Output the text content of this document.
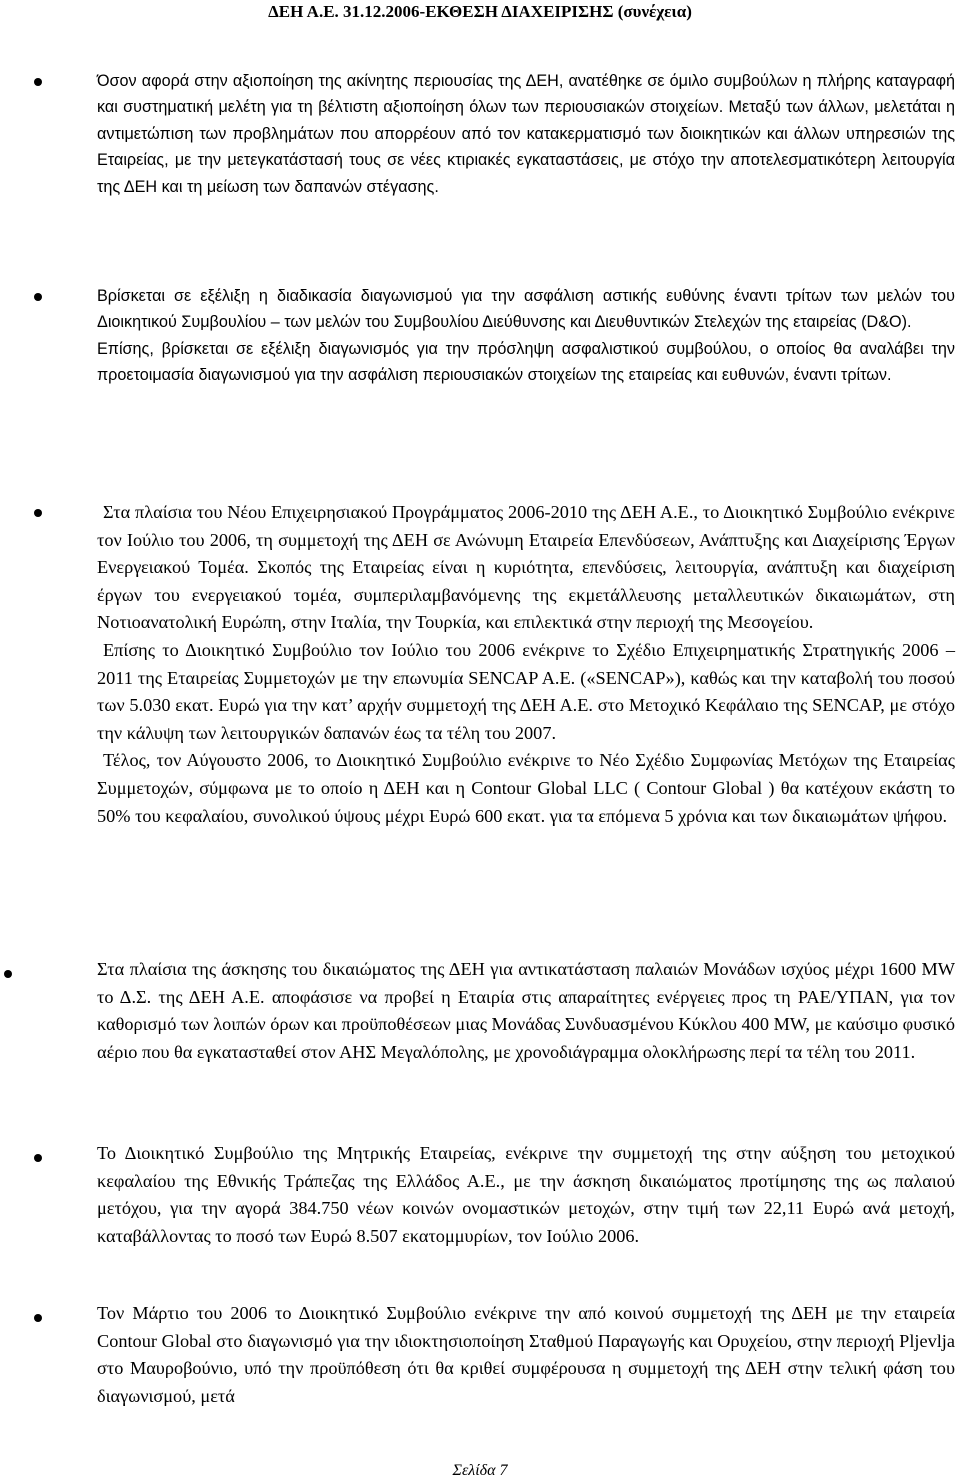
ΔΕΗ Α.Ε. 31.12.2006-ΕΚΘΕΣΗ ΔΙΑΧΕΙΡΙΣΗΣ (συνέχεια)

Όσον αφορά στην αξιοποίηση της ακίνητης περιουσίας της ΔΕΗ, ανατέθηκε σε όμιλο συμβούλων η πλήρης καταγραφή και συστηματική μελέτη για τη βέλτιστη αξιοποίηση όλων των περιουσιακών στοιχείων. Μεταξύ των άλλων, μελετάται η αντιμετώπιση των προβλημάτων που απορρέουν από τον κατακερματισμό των διοικητικών και άλλων υπηρεσιών της Εταιρείας, με την μετεγκατάστασή τους σε νέες κτιριακές εγκαταστάσεις, με στόχο την αποτελεσματικότερη λειτουργία της ΔΕΗ και τη μείωση των δαπανών στέγασης.

Βρίσκεται σε εξέλιξη η διαδικασία διαγωνισμού για την ασφάλιση αστικής ευθύνης έναντι τρίτων των μελών του Διοικητικού Συμβουλίου – των μελών του Συμβουλίου Διεύθυνσης και Διευθυντικών Στελεχών της εταιρείας (D&O).

Επίσης, βρίσκεται σε εξέλιξη διαγωνισμός για την πρόσληψη ασφαλιστικού συμβούλου, ο οποίος θα αναλάβει την προετοιμασία διαγωνισμού για την ασφάλιση περιουσιακών στοιχείων της εταιρείας και ευθυνών, έναντι τρίτων.

Στα πλαίσια του Νέου Επιχειρησιακού Προγράμματος 2006-2010 της ΔΕΗ Α.Ε., το Διοικητικό Συμβούλιο ενέκρινε τον Ιούλιο του 2006, τη συμμετοχή της ΔΕΗ σε Ανώνυμη Εταιρεία Επενδύσεων, Ανάπτυξης και Διαχείρισης Έργων Ενεργειακού Τομέα. Σκοπός της Εταιρείας είναι η κυριότητα, επενδύσεις, λειτουργία, ανάπτυξη και διαχείριση έργων του ενεργειακού τομέα, συμπεριλαμβανόμενης της εκμετάλλευσης μεταλλευτικών δικαιωμάτων, στη Νοτιοανατολική Ευρώπη, στην Ιταλία, την Τουρκία, και επιλεκτικά στην περιοχή της Μεσογείου.

Επίσης το Διοικητικό Συμβούλιο τον Ιούλιο του 2006 ενέκρινε το Σχέδιο Επιχειρηματικής Στρατηγικής 2006 – 2011 της Εταιρείας Συμμετοχών με την επωνυμία SENCAP A.E. («SENCAP»), καθώς και την καταβολή του ποσού των 5.030 εκατ. Ευρώ για την κατ’ αρχήν συμμετοχή της ΔΕΗ Α.Ε. στο Μετοχικό Κεφάλαιο της SENCAP, με στόχο την κάλυψη των λειτουργικών δαπανών έως τα τέλη του 2007.

Τέλος, τον Αύγουστο 2006, το Διοικητικό Συμβούλιο ενέκρινε το Νέο Σχέδιο Συμφωνίας Μετόχων της Εταιρείας Συμμετοχών, σύμφωνα με το οποίο η ΔΕΗ και η Contour Global LLC ( Contour Global ) θα κατέχουν εκάστη το 50% του κεφαλαίου, συνολικού ύψους μέχρι Ευρώ 600 εκατ. για τα επόμενα 5 χρόνια και των δικαιωμάτων ψήφου.

Στα πλαίσια της άσκησης του δικαιώματος της ΔΕΗ για αντικατάσταση παλαιών Μονάδων ισχύος μέχρι 1600 MW το Δ.Σ. της ΔΕΗ Α.Ε. αποφάσισε να προβεί η Εταιρία στις απαραίτητες ενέργειες προς τη ΡΑΕ/ΥΠΑΝ, για τον καθορισμό των λοιπών όρων και προϋποθέσεων μιας Μονάδας Συνδυασμένου Κύκλου 400 MW, με καύσιμο φυσικό αέριο που θα εγκατασταθεί στον ΑΗΣ Μεγαλόπολης, με χρονοδιάγραμμα ολοκλήρωσης περί τα τέλη του 2011.

Το Διοικητικό Συμβούλιο της Μητρικής Εταιρείας, ενέκρινε την συμμετοχή της στην αύξηση του μετοχικού κεφαλαίου της Εθνικής Τράπεζας της Ελλάδος Α.Ε., με την άσκηση δικαιώματος προτίμησης της ως παλαιού μετόχου, για την αγορά 384.750 νέων κοινών ονομαστικών μετοχών, στην τιμή των 22,11 Ευρώ ανά μετοχή, καταβάλλοντας το ποσό των Ευρώ 8.507 εκατομμυρίων, τον Ιούλιο 2006.

Τον Μάρτιο του 2006 το Διοικητικό Συμβούλιο ενέκρινε την από κοινού συμμετοχή της ΔΕΗ με την εταιρεία Contour Global στο διαγωνισμό για την ιδιοκτησιοποίηση Σταθμού Παραγωγής και Ορυχείου, στην περιοχή Pljevlja στο Μαυροβούνιο, υπό την προϋπόθεση ότι θα κριθεί συμφέρουσα η συμμετοχή της ΔΕΗ στην τελική φάση του διαγωνισμού, μετά

Σελίδα 7
